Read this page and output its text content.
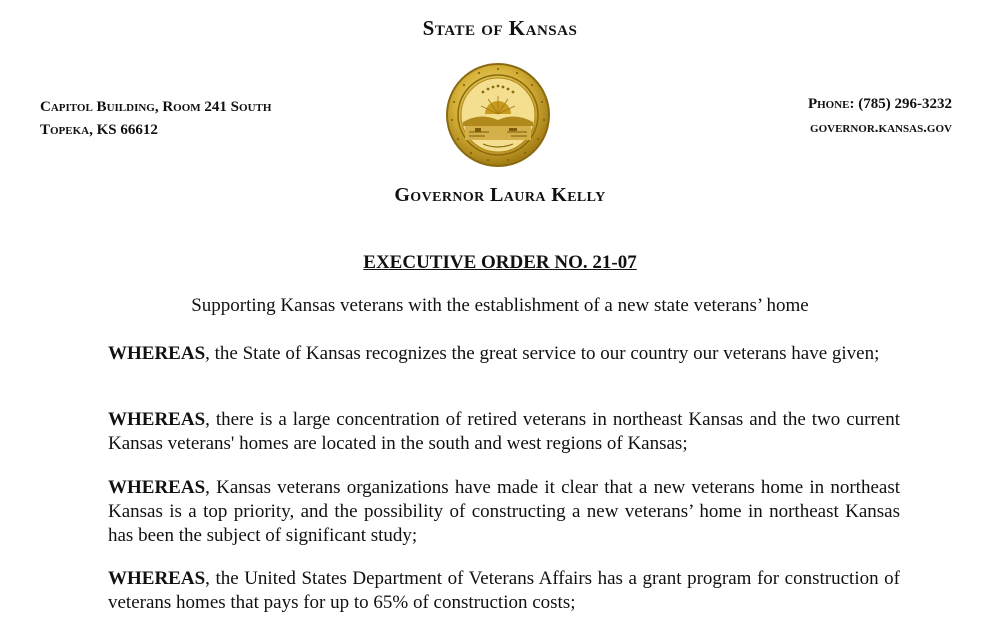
State of Kansas
Capitol Building, Room 241 South
Topeka, KS 66612
Phone: (785) 296-3232
governor.kansas.gov
Governor Laura Kelly
EXECUTIVE ORDER NO. 21-07
Supporting Kansas veterans with the establishment of a new state veterans’ home
WHEREAS, the State of Kansas recognizes the great service to our country our veterans have given;
WHEREAS, there is a large concentration of retired veterans in northeast Kansas and the two current Kansas veterans' homes are located in the south and west regions of Kansas;
WHEREAS, Kansas veterans organizations have made it clear that a new veterans home in northeast Kansas is a top priority, and the possibility of constructing a new veterans’ home in northeast Kansas has been the subject of significant study;
WHEREAS, the United States Department of Veterans Affairs has a grant program for construction of veterans homes that pays for up to 65% of construction costs;
